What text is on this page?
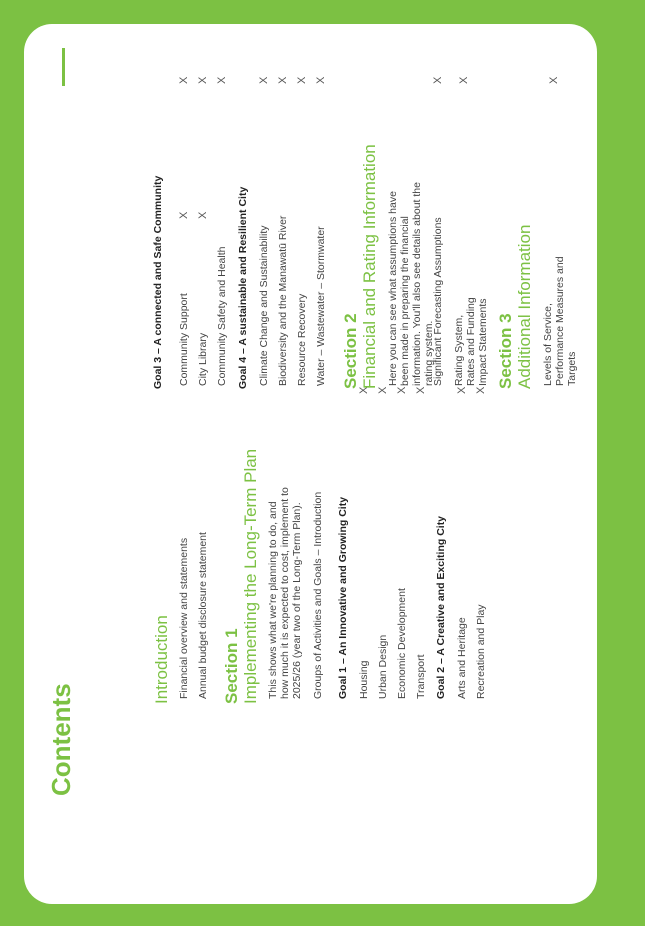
Contents
Introduction Financial overview and statements
X
Annual budget disclosure statement
X
Section 1 Implementing the Long-Term Plan This shows what we're planning to do, and how much it is expected to cost, implement to 2025/26 (year two of the Long-Term Plan). Groups of Activities and Goals – Introduction Goal 1 – An Innovative and Growing City Housing
X
Urban Design
X
Economic Development
X
Transport
X
Goal 2 – A Creative and Exciting City Arts and Heritage
X
Recreation and Play
X
Goal 3 – A connected and Safe Community Community Support
X
City Library
X
Community Safety and Health
X
Goal 4 – A sustainable and Resilient City Climate Change and Sustainability
X
Biodiversity and the Manawatū River
X
Resource Recovery
X
Water – Wastewater – Stormwater
X
Section 2 Financial and Rating Information Here you can see what assumptions have been made in preparing the financial information. You'll also see details about the rating system.
Significant Forecasting Assumptions
X
Rating System, Rates and Funding Impact Statements
X
Section 3 Additional Information Levels of Service, Performance Measures and Targets
X
